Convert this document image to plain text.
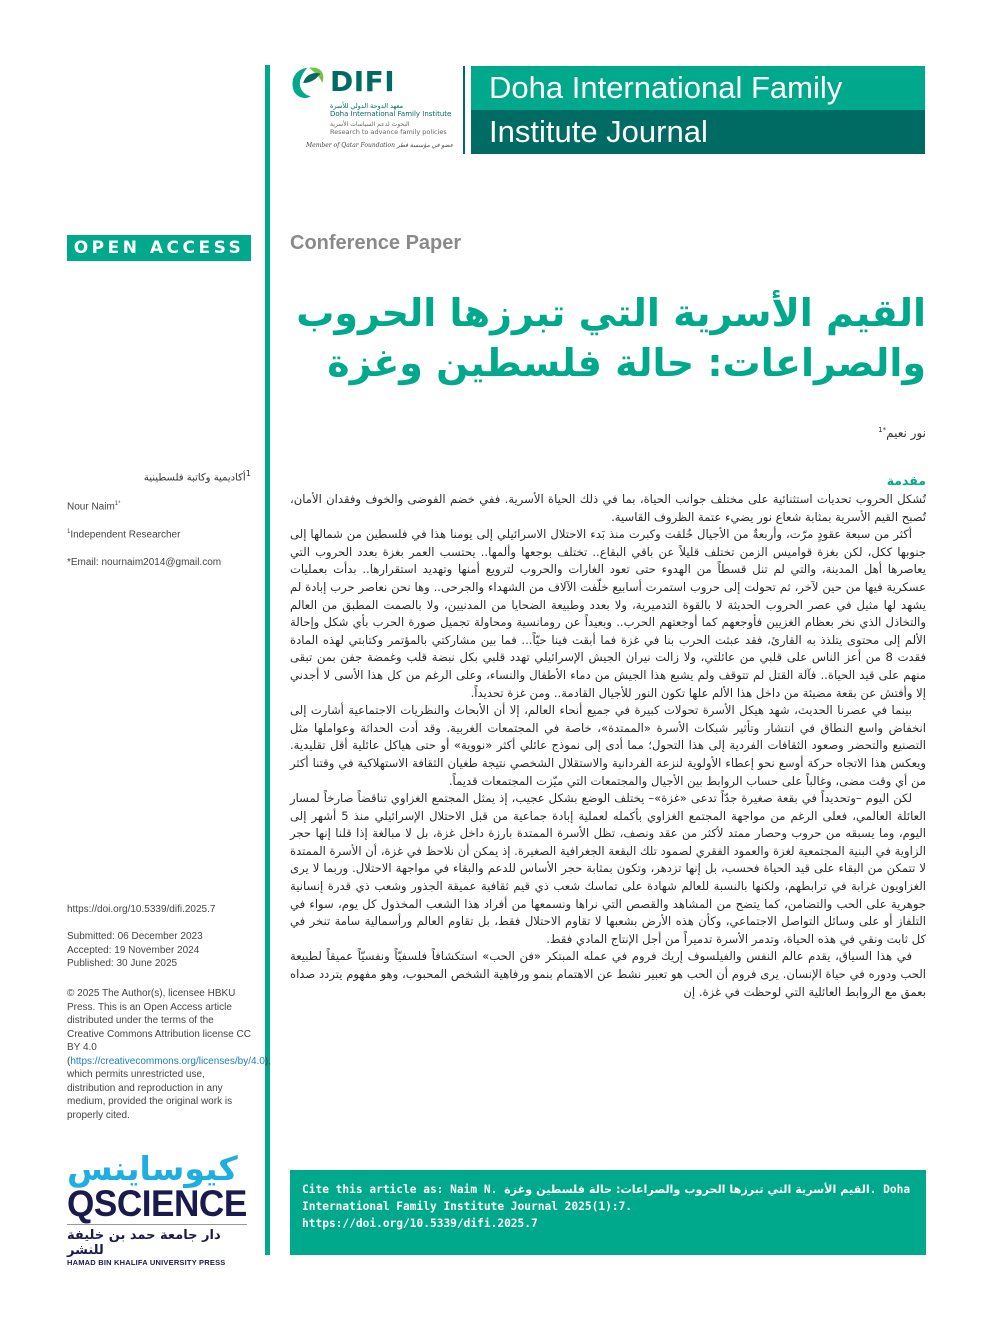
DIFI
معهد الدوحة الدولي للأسرة
Doha International Family Institute
البحوث لدعم السياسات الأسرية
Research to advance family policies
Member of Qatar Foundation عضو في مؤسسة قطر
Doha International Family
Institute Journal
OPEN ACCESS	Conference Paper
القيم الأسرية التي تبرزها الحروب
والصراعات: حالة فلسطين وغزة
نور نعيم$^{*1}$
$^1$أكاديمية وكاتبة فلسطينية
Nour Naim$^{1*}$
$^1$Independent Researcher
*Email: nournaim2014@gmail.com
https://doi.org/10.5339/difi.2025.7
Submitted: 06 December 2023
Accepted: 19 November 2024
Published: 30 June 2025
© 2025 The Author(s), licensee HBKU Press. This is an Open Access article distributed under the terms of the Creative Commons Attribution license CC BY 4.0 (https://creativecommons.org/licenses/by/4.0), which permits unrestricted use, distribution and reproduction in any medium, provided the original work is properly cited.
كيوساينس
QSCIENCE
دار جامعة حمد بن خليفة للنشر
HAMAD BIN KHALIFA UNIVERSITY PRESS
مقدمة

تُشكل الحروب تحديات استثنائية على مختلف جوانب الحياة، بما في ذلك الحياة الأسرية. ففي خضم الفوضى والخوف وفقدان الأمان، تُصبح القيم الأسرية بمثابة شعاع نور يضيء عتمة الظروف القاسية.

أكثر من سبعة عقودٍ مرّت، وأربعةٌ من الأجيال خُلقت وكبرت منذ بَدء الاحتلال الاسرائيلي إلى يومنا هذا في فلسطين من شمالها إلى جنوبها ككل، لكن بغزة قواميس الزمن تختلف قليلاً عن باقي البقاع.. تختلف بوجعها وألمها.. يحتسب العمر بغزة بعدد الحروب التي يعاصرها أهل المدينة، والتي لم تنل قسطاً من الهدوء حتى تعود الغارات والحروب لترويع أمنها وتهديد استقرارها.. بدأت بعمليات عسكرية فيها من حين لآخر، ثم تحولت إلى حروب استمرت أسابيع خلّفت الآلاف من الشهداء والجرحى.. وها نحن نعاصر حرب إبادة لم يشهد لها مثيل في عصر الحروب الحديثة لا بالقوة التدميرية، ولا بعدد وطبيعة الضحايا من المدنيين، ولا بالصمت المطبق من العالم والتخاذل الذي نخر بعظام الغزيين فأوجعهم كما أوجعتهم الحرب.. وبعيداً عن رومانسية ومحاولة تجميل صورة الحرب بأي شكل وإحالة الألم إلى محتوى يتلذذ به القارئ، فقد عبثت الحرب بنا في غزة فما أبقت فينا حيّاً... فما بين مشاركتي بالمؤتمر وكتابتي لهذه المادة فقدت 8 من أعز الناس على قلبي من عائلتي، ولا زالت نيران الجيش الإسرائيلي تهدد قلبي بكل نبضة قلب وغمضة جفن بمن تبقى منهم على قيد الحياة.. فآلة القتل لم تتوقف ولم يشبع هذا الجيش من دماء الأطفال والنساء، وعلى الرغم من كل هذا الأسى لا أجدني إلا وأفتش عن بقعة مضيئة من داخل هذا الألم علها تكون النور للأجيال القادمة.. ومن غزة تحديداً.

بينما في عصرنا الحديث، شهد هيكل الأسرة تحولات كبيرة في جميع أنحاء العالم، إلا أن الأبحاث والنظريات الاجتماعية أشارت إلى انخفاض واسع النطاق في انتشار وتأثير شبكات الأسرة «الممتدة»، خاصة في المجتمعات الغربية. وقد أدت الحداثة وعواملها مثل التصنيع والتحضر وصعود الثقافات الفردية إلى هذا التحول؛ مما أدى إلى نموذج عائلي أكثر «نووية» أو حتى هياكل عائلية أقل تقليدية. ويعكس هذا الاتجاه حركة أوسع نحو إعطاء الأولوية لنزعة الفردانية والاستقلال الشخصي نتيجة طغيان الثقافة الاستهلاكية في وقتنا أكثر من أي وقت مضى، وغالباً على حساب الروابط بين الأجيال والمجتمعات التي ميّزت المجتمعات قديماً.

لكن اليوم –وتحديداً في بقعة صغيرة جدّاً تدعى «غزة»– يختلف الوضع بشكل عجيب، إذ يمثل المجتمع الغزاوي تناقضاً صارخاً لمسار العائلة العالمي، فعلى الرغم من مواجهة المجتمع الغزاوي بأكمله لعملية إبادة جماعية من قبل الاحتلال الإسرائيلي منذ 5 أشهر إلى اليوم، وما يسبقه من حروب وحصار ممتد لأكثر من عقد ونصف، تظل الأسرة الممتدة بارزة داخل غزة، بل لا مبالغة إذا قلنا إنها حجر الزاوية في البنية المجتمعية لغزة والعمود الفقري لصمود تلك البقعة الجغرافية الصغيرة. إذ يمكن أن نلاحظ في غزة، أن الأسرة الممتدة لا تتمكن من البقاء على قيد الحياة فحسب، بل إنها تزدهر، وتكون بمثابة حجر الأساس للدعم والبقاء في مواجهة الاحتلال. وربما لا يرى الغزاويون غرابة في ترابطهم، ولكنها بالنسبة للعالم شهادة على تماسك شعب ذي قيم ثقافية عميقة الجذور وشعب ذي قدرة إنسانية جوهرية على الحب والتضامن، كما يتضح من المشاهد والقصص التي نراها ونسمعها من أفراد هذا الشعب المخذول كل يوم، سواء في التلفاز أو على وسائل التواصل الاجتماعي، وكأن هذه الأرض بشعبها لا تقاوم الاحتلال فقط، بل تقاوم العالم ورأسمالية سامة تنخر في كل ثابت ونقي في هذه الحياة، وتدمر الأسرة تدميراً من أجل الإنتاج المادي فقط.

في هذا السياق، يقدم عالم النفس والفيلسوف إريك فروم في عمله المبتكر «فن الحب» استكشافاً فلسفيّاً ونفسيّاً عميقاً لطبيعة الحب ودوره في حياة الإنسان. يرى فروم أن الحب هو تعبير نشط عن الاهتمام بنمو ورفاهية الشخص المحبوب، وهو مفهوم يتردد صداه بعمق مع الروابط العائلية التي لوحظت في غزة. إن

Cite this article as: Naim N. القيم الأسرية التي تبرزها الحروب والصراعات: حالة فلسطين وغزة. Doha International Family Institute Journal 2025(1):7.
https://doi.org/10.5339/difi.2025.7
